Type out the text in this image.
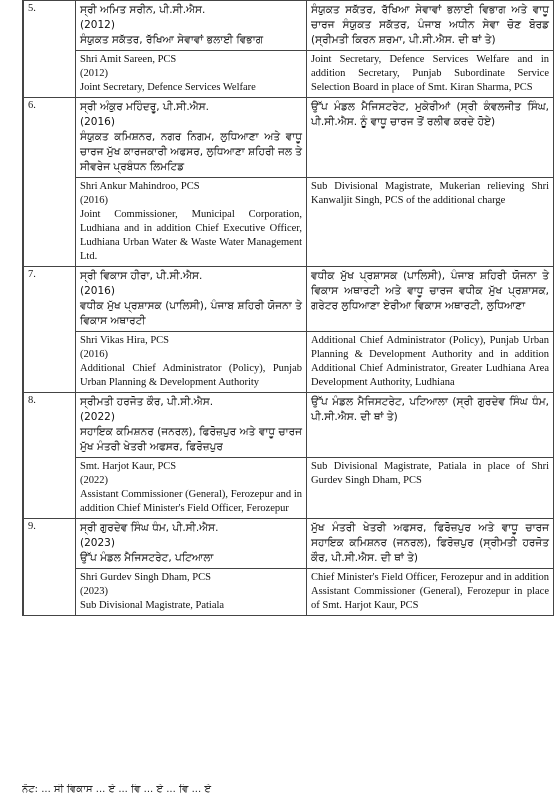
5.	ਸ੍ਰੀ ਅਮਿਤ ਸਰੀਨ, ਪੀ.ਸੀ.ਐਸ.
(2012)
ਸੰਯੁਕਤ ਸਕੱਤਰ, ਰੱਖਿਆ ਸੇਵਾਵਾਂ ਭਲਾਈ ਵਿਭਾਗ	ਸੰਯੁਕਤ ਸਕੱਤਰ, ਰੱਖਿਆ ਸੇਵਾਵਾਂ ਭਲਾਈ ਵਿਭਾਗ ਅਤੇ ਵਾਧੂ ਚਾਰਜ ਸੰਯੁਕਤ ਸਕੱਤਰ, ਪੰਜਾਬ ਅਧੀਨ ਸੇਵਾ ਚੋਣ ਬੋਰਡ (ਸ੍ਰੀਮਤੀ ਕਿਰਨ ਸ਼ਰਮਾ, ਪੀ.ਸੀ.ਐਸ. ਦੀ ਥਾਂ ਤੇ)

	Shri Amit Sareen, PCS
(2012)
Joint Secretary, Defence Services Welfare	Joint Secretary, Defence Services Welfare and in addition Secretary, Punjab Subordinate Service Selection Board in place of Smt. Kiran Sharma, PCS

6.	ਸ੍ਰੀ ਅੰਕੁਰ ਮਹਿੰਦਰੂ, ਪੀ.ਸੀ.ਐਸ.
(2016)
ਸੰਯੁਕਤ ਕਮਿਸ਼ਨਰ, ਨਗਰ ਨਿਗਮ, ਲੁਧਿਆਣਾ ਅਤੇ ਵਾਧੂ ਚਾਰਜ ਮੁੱਖ ਕਾਰਜਕਾਰੀ ਅਫਸਰ, ਲੁਧਿਆਣਾ ਸ਼ਹਿਰੀ ਜਲ ਤੇ ਸੀਵਰੇਜ ਪ੍ਰਬੰਧਨ ਲਿਮਟਿਡ	ਉੱਪ ਮੰਡਲ ਮੈਜਿਸਟਰੇਟ, ਮੁਕੇਰੀਆਂ (ਸ੍ਰੀ ਕੰਵਲਜੀਤ ਸਿੰਘ, ਪੀ.ਸੀ.ਐਸ. ਨੂੰ ਵਾਧੂ ਚਾਰਜ ਤੋਂ ਰਲੀਵ ਕਰਦੇ ਹੋਏ)

	Shri Ankur Mahindroo, PCS
(2016)
Joint Commissioner, Municipal Corporation, Ludhiana and in addition Chief Executive Officer, Ludhiana Urban Water & Waste Water Management Ltd.	Sub Divisional Magistrate, Mukerian relieving Shri Kanwaljit Singh, PCS of the additional charge

7.	ਸ੍ਰੀ ਵਿਕਾਸ ਹੀਰਾ, ਪੀ.ਸੀ.ਐਸ.
(2016)
ਵਧੀਕ ਮੁੱਖ ਪ੍ਰਸ਼ਾਸਕ (ਪਾਲਿਸੀ), ਪੰਜਾਬ ਸ਼ਹਿਰੀ ਯੋਜਨਾ ਤੇ ਵਿਕਾਸ ਅਥਾਰਟੀ	ਵਧੀਕ ਮੁੱਖ ਪ੍ਰਸ਼ਾਸਕ (ਪਾਲਿਸੀ), ਪੰਜਾਬ ਸ਼ਹਿਰੀ ਯੋਜਨਾ ਤੇ ਵਿਕਾਸ ਅਥਾਰਟੀ ਅਤੇ ਵਾਧੂ ਚਾਰਜ ਵਧੀਕ ਮੁੱਖ ਪ੍ਰਸ਼ਾਸਕ, ਗਰੇਟਰ ਲੁਧਿਆਣਾ ਏਰੀਆ ਵਿਕਾਸ ਅਥਾਰਟੀ, ਲੁਧਿਆਣਾ

	Shri Vikas Hira, PCS
(2016)
Additional Chief Administrator (Policy), Punjab Urban Planning & Development Authority	Additional Chief Administrator (Policy), Punjab Urban Planning & Development Authority and in addition Additional Chief Administrator, Greater Ludhiana Area Development Authority, Ludhiana

8.	ਸ੍ਰੀਮਤੀ ਹਰਜੋਤ ਕੌਰ, ਪੀ.ਸੀ.ਐਸ.
(2022)
ਸਹਾਇਕ ਕਮਿਸ਼ਨਰ (ਜਨਰਲ), ਫਿਰੋਜ਼ਪੁਰ ਅਤੇ ਵਾਧੂ ਚਾਰਜ ਮੁੱਖ ਮੰਤਰੀ ਖੇਤਰੀ ਅਫਸਰ, ਫਿਰੋਜ਼ਪੁਰ	ਉੱਪ ਮੰਡਲ ਮੈਜਿਸਟਰੇਟ, ਪਟਿਆਲਾ (ਸ੍ਰੀ ਗੁਰਦੇਵ ਸਿੰਘ ਧੰਮ, ਪੀ.ਸੀ.ਐਸ. ਦੀ ਥਾਂ ਤੇ)

	Smt. Harjot Kaur, PCS
(2022)
Assistant Commissioner (General), Ferozepur and in addition Chief Minister's Field Officer, Ferozepur	Sub Divisional Magistrate, Patiala in place of Shri Gurdev Singh Dham, PCS

9.	ਸ੍ਰੀ ਗੁਰਦੇਵ ਸਿੰਘ ਧੰਮ, ਪੀ.ਸੀ.ਐਸ.
(2023)
ਉੱਪ ਮੰਡਲ ਮੈਜਿਸਟਰੇਟ, ਪਟਿਆਲਾ	ਮੁੱਖ ਮੰਤਰੀ ਖੇਤਰੀ ਅਫਸਰ, ਫਿਰੋਜ਼ਪੁਰ ਅਤੇ ਵਾਧੂ ਚਾਰਜ ਸਹਾਇਕ ਕਮਿਸ਼ਨਰ (ਜਨਰਲ), ਫਿਰੋਜ਼ਪੁਰ (ਸ੍ਰੀਮਤੀ ਹਰਜੋਤ ਕੌਰ, ਪੀ.ਸੀ.ਐਸ. ਦੀ ਥਾਂ ਤੇ)

	Shri Gurdev Singh Dham, PCS
(2023)
Sub Divisional Magistrate, Patiala	Chief Minister's Field Officer, Ferozepur and in addition Assistant Commissioner (General), Ferozepur in place of Smt. Harjot Kaur, PCS
ਨੋਟ: ... ਸੀ ਵਿਕਾਸ ... ਏ ... ਵਿ ... ਏ ... ਵਿ ... ਏ
